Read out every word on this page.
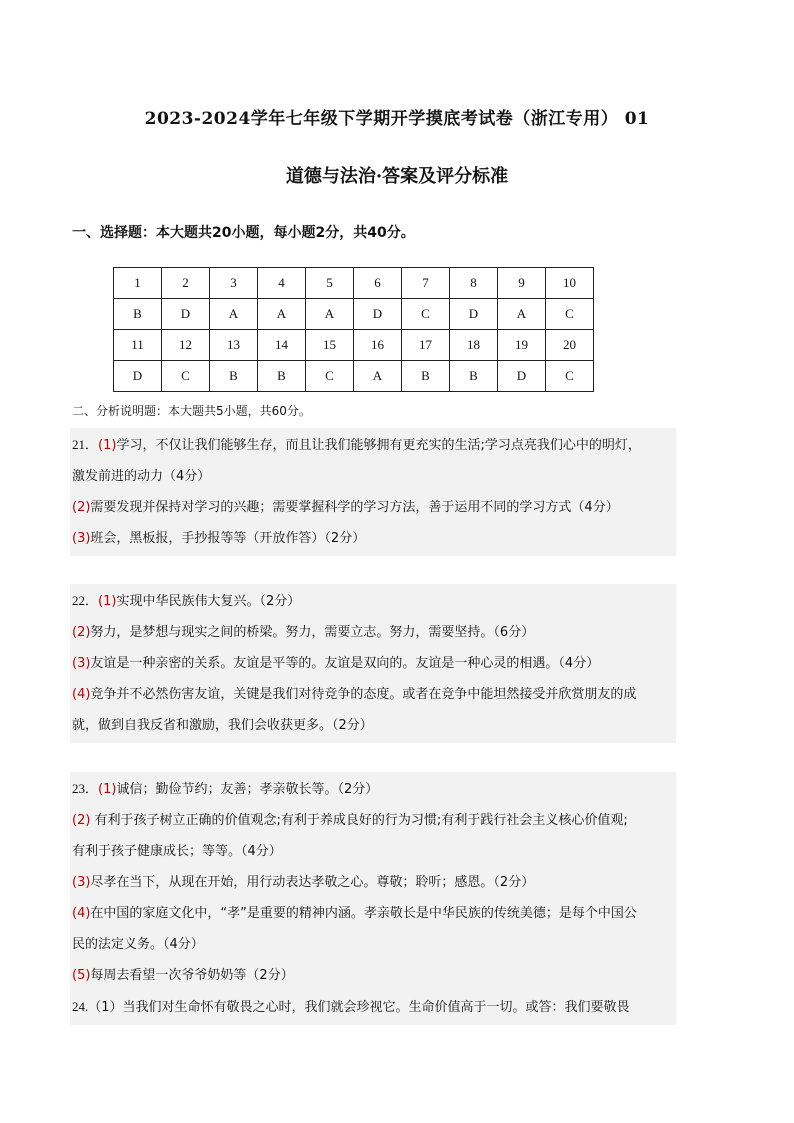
2023-2024学年七年级下学期开学摸底考试卷（浙江专用） 01
道德与法治·答案及评分标准
一、选择题：本大题共20小题，每小题2分，共40分。
1	2	3	4	5	6	7	8	9	10
B	D	A	A	A	D	C	D	A	C
11	12	13	14	15	16	17	18	19	20
D	C	B	B	C	A	B	B	D	C
二、分析说明题：本大题共5小题，共60分。
21．(1)学习，不仅让我们能够生存，而且让我们能够拥有更充实的生活;学习点亮我们心中的明灯，
激发前进的动力（4分）
(2)需要发现并保持对学习的兴趣；需要掌握科学的学习方法，善于运用不同的学习方式（4分）
(3)班会，黑板报，手抄报等等（开放作答）（2分）
22．(1)实现中华民族伟大复兴。（2分）
(2)努力，是梦想与现实之间的桥梁。努力，需要立志。努力，需要坚持。（6分）
(3)友谊是一种亲密的关系。友谊是平等的。友谊是双向的。友谊是一种心灵的相遇。（4分）
(4)竞争并不必然伤害友谊，关键是我们对待竞争的态度。或者在竞争中能坦然接受并欣赏朋友的成
就，做到自我反省和激励，我们会收获更多。（2分）
23．(1)诚信；勤俭节约；友善；孝亲敬长等。（2分）
(2) 有利于孩子树立正确的价值观念;有利于养成良好的行为习惯;有利于践行社会主义核心价值观;
有利于孩子健康成长；等等。（4分）
(3)尽孝在当下，从现在开始，用行动表达孝敬之心。尊敬；聆听；感恩。（2分）
(4)在中国的家庭文化中，“孝”是重要的精神内涵。孝亲敬长是中华民族的传统美德；是每个中国公
民的法定义务。（4分）
(5)每周去看望一次爷爷奶奶等（2分）
24.（1）当我们对生命怀有敬畏之心时，我们就会珍视它。生命价值高于一切。或答：我们要敬畏
